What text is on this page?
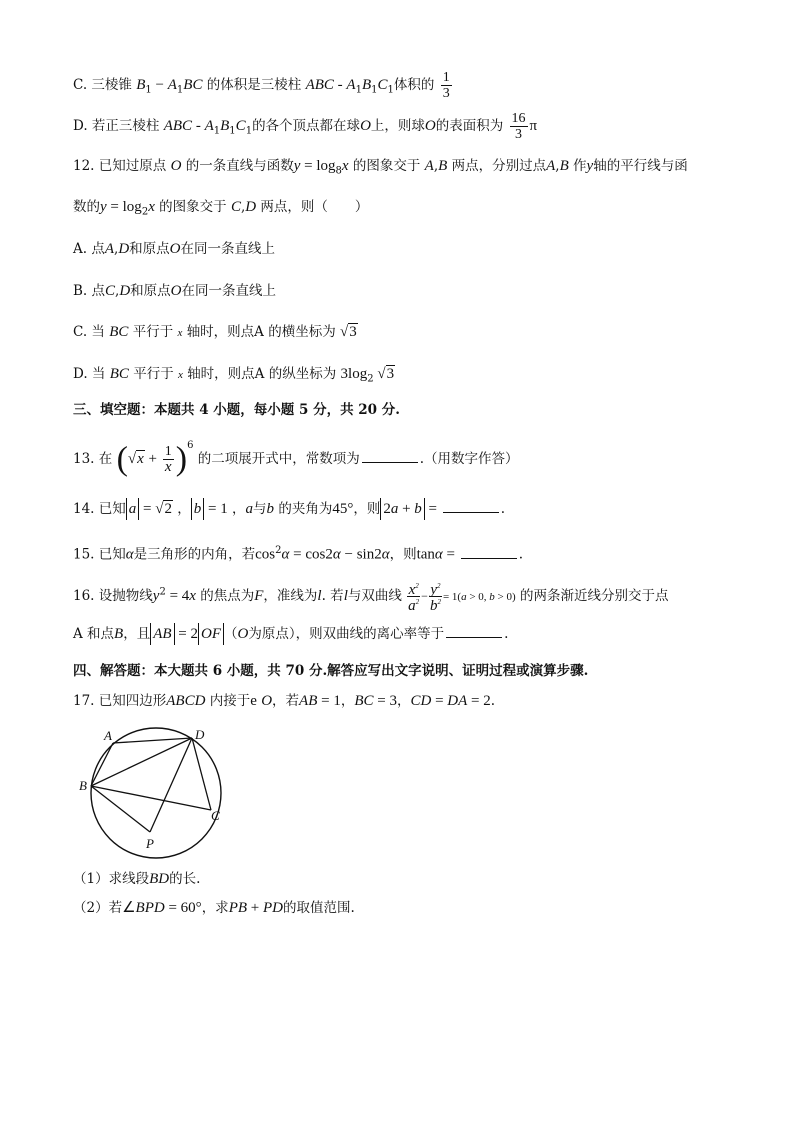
C. 三棱锥 $B_1 - A_1BC$ 的体积是三棱柱 ABC - $A_1B_1C_1$体积的 $\frac{1}{3}$
D. 若正三棱柱 ABC - $A_1B_1C_1$的各个顶点都在球O上，则球O的表面积为 $\frac{16}{3}$ π
12. 已知过原点 O 的一条直线与函数$y = \log_8x$ 的图象交于 A,B 两点，分别过点A,B 作y轴的平行线与函
数的$y = \log_2x$ 的图象交于 C,D 两点，则（　　）
A. 点A,D和原点O在同一条直线上
B. 点C,D和原点O在同一条直线上
C. 当 BC 平行于 x 轴时，则点A 的横坐标为 √3
D. 当 BC 平行于 x 轴时，则点A 的纵坐标为 $3\log_2$ √3
三、填空题：本题共 4 小题，每小题 5 分，共 20 分.
13. 在 $(√x + \frac{1}{x} )^6$ 的二项展开式中，常数项为	.（用数字作答）
14. 已知 a = √2 ， b = 1 ，a与b 的夹角为45°，则 2a + b =	.
15. 已知α是三角形的内角，若$\cos^2\alpha = \cos 2\alpha - \sin 2\alpha$，则tanα =	.
16. 设抛物线$y^2 = 4x$ 的焦点为F，准线为l. 若l与双曲线 $\frac{x^2}{a^2} - \frac{y^2}{b^2} = 1(a > 0$, b > 0) 的两条渐近线分别交于点
A 和点B，且 AB = 2 OF （O为原点），则双曲线的离心率等于	.
四、解答题：本大题共 6 小题，共 70 分.解答应写出文字说明、证明过程或演算步骤.
17. 已知四边形ABCD 内接于e O，若AB = 1，BC = 3，CD = DA = 2.
A	D
B
C
P
（1）求线段BD的长.
（2）若∠BPD = 60°，求PB + PD的取值范围.
